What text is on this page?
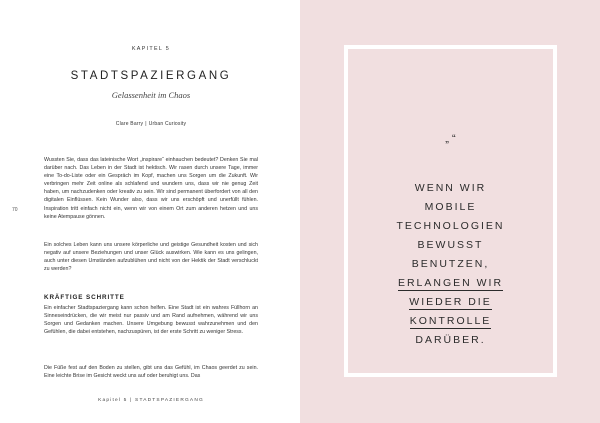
KAPITEL 5
STADTSPAZIERGANG
Gelassenheit im Chaos
Clare Barry | Urban Curiosity
70

Wussten Sie, dass das lateinische Wort „inspirare“ einhauchen bedeutet? Denken Sie mal darüber nach. Das Leben in der Stadt ist hektisch. Wir rasen durch unsere Tage, immer eine To-do-Liste oder ein Gespräch im Kopf, machen uns Sorgen um die Zukunft. Wir verbringen mehr Zeit online als schlafend und wundern uns, dass wir nie genug Zeit haben, um nachzudenken oder kreativ zu sein. Wir sind permanent überfordert von all den digitalen Einflüssen. Kein Wunder also, dass wir uns erschöpft und unerfüllt fühlen. Inspiration tritt einfach nicht ein, wenn wir von einem Ort zum anderen hetzen und uns keine Atempause gönnen.

Ein solches Leben kann uns unsere körperliche und geistige Gesundheit kosten und sich negativ auf unsere Beziehungen und unser Glück auswirken. Wie kann es uns gelingen, auch unter diesen Umständen aufzublühen und nicht von der Hektik der Stadt verschluckt zu werden?

KRÄFTIGE SCHRITTE

Ein einfacher Stadtspaziergang kann schon helfen. Eine Stadt ist ein wahres Füllhorn an Sinneseindrücken, die wir meist nur passiv und am Rand aufnehmen, während wir uns Sorgen und Gedanken machen. Unsere Umgebung bewusst wahrzunehmen und den Gefühlen, die dabei entstehen, nachzuspüren, ist der erste Schritt zu weniger Stress.

Die Füße fest auf den Boden zu stellen, gibt uns das Gefühl, im Chaos geerdet zu sein. Eine leichte Brise im Gesicht weckt uns auf oder beruhigt uns. Das

Kapitel 5 | STADTSPAZIERGANG
„ “
WENN WIR
MOBILE
TECHNOLOGIEN
BEWUSST
BENUTZEN,
ERLANGEN WIR
WIEDER DIE
KONTROLLE
DARÜBER.
